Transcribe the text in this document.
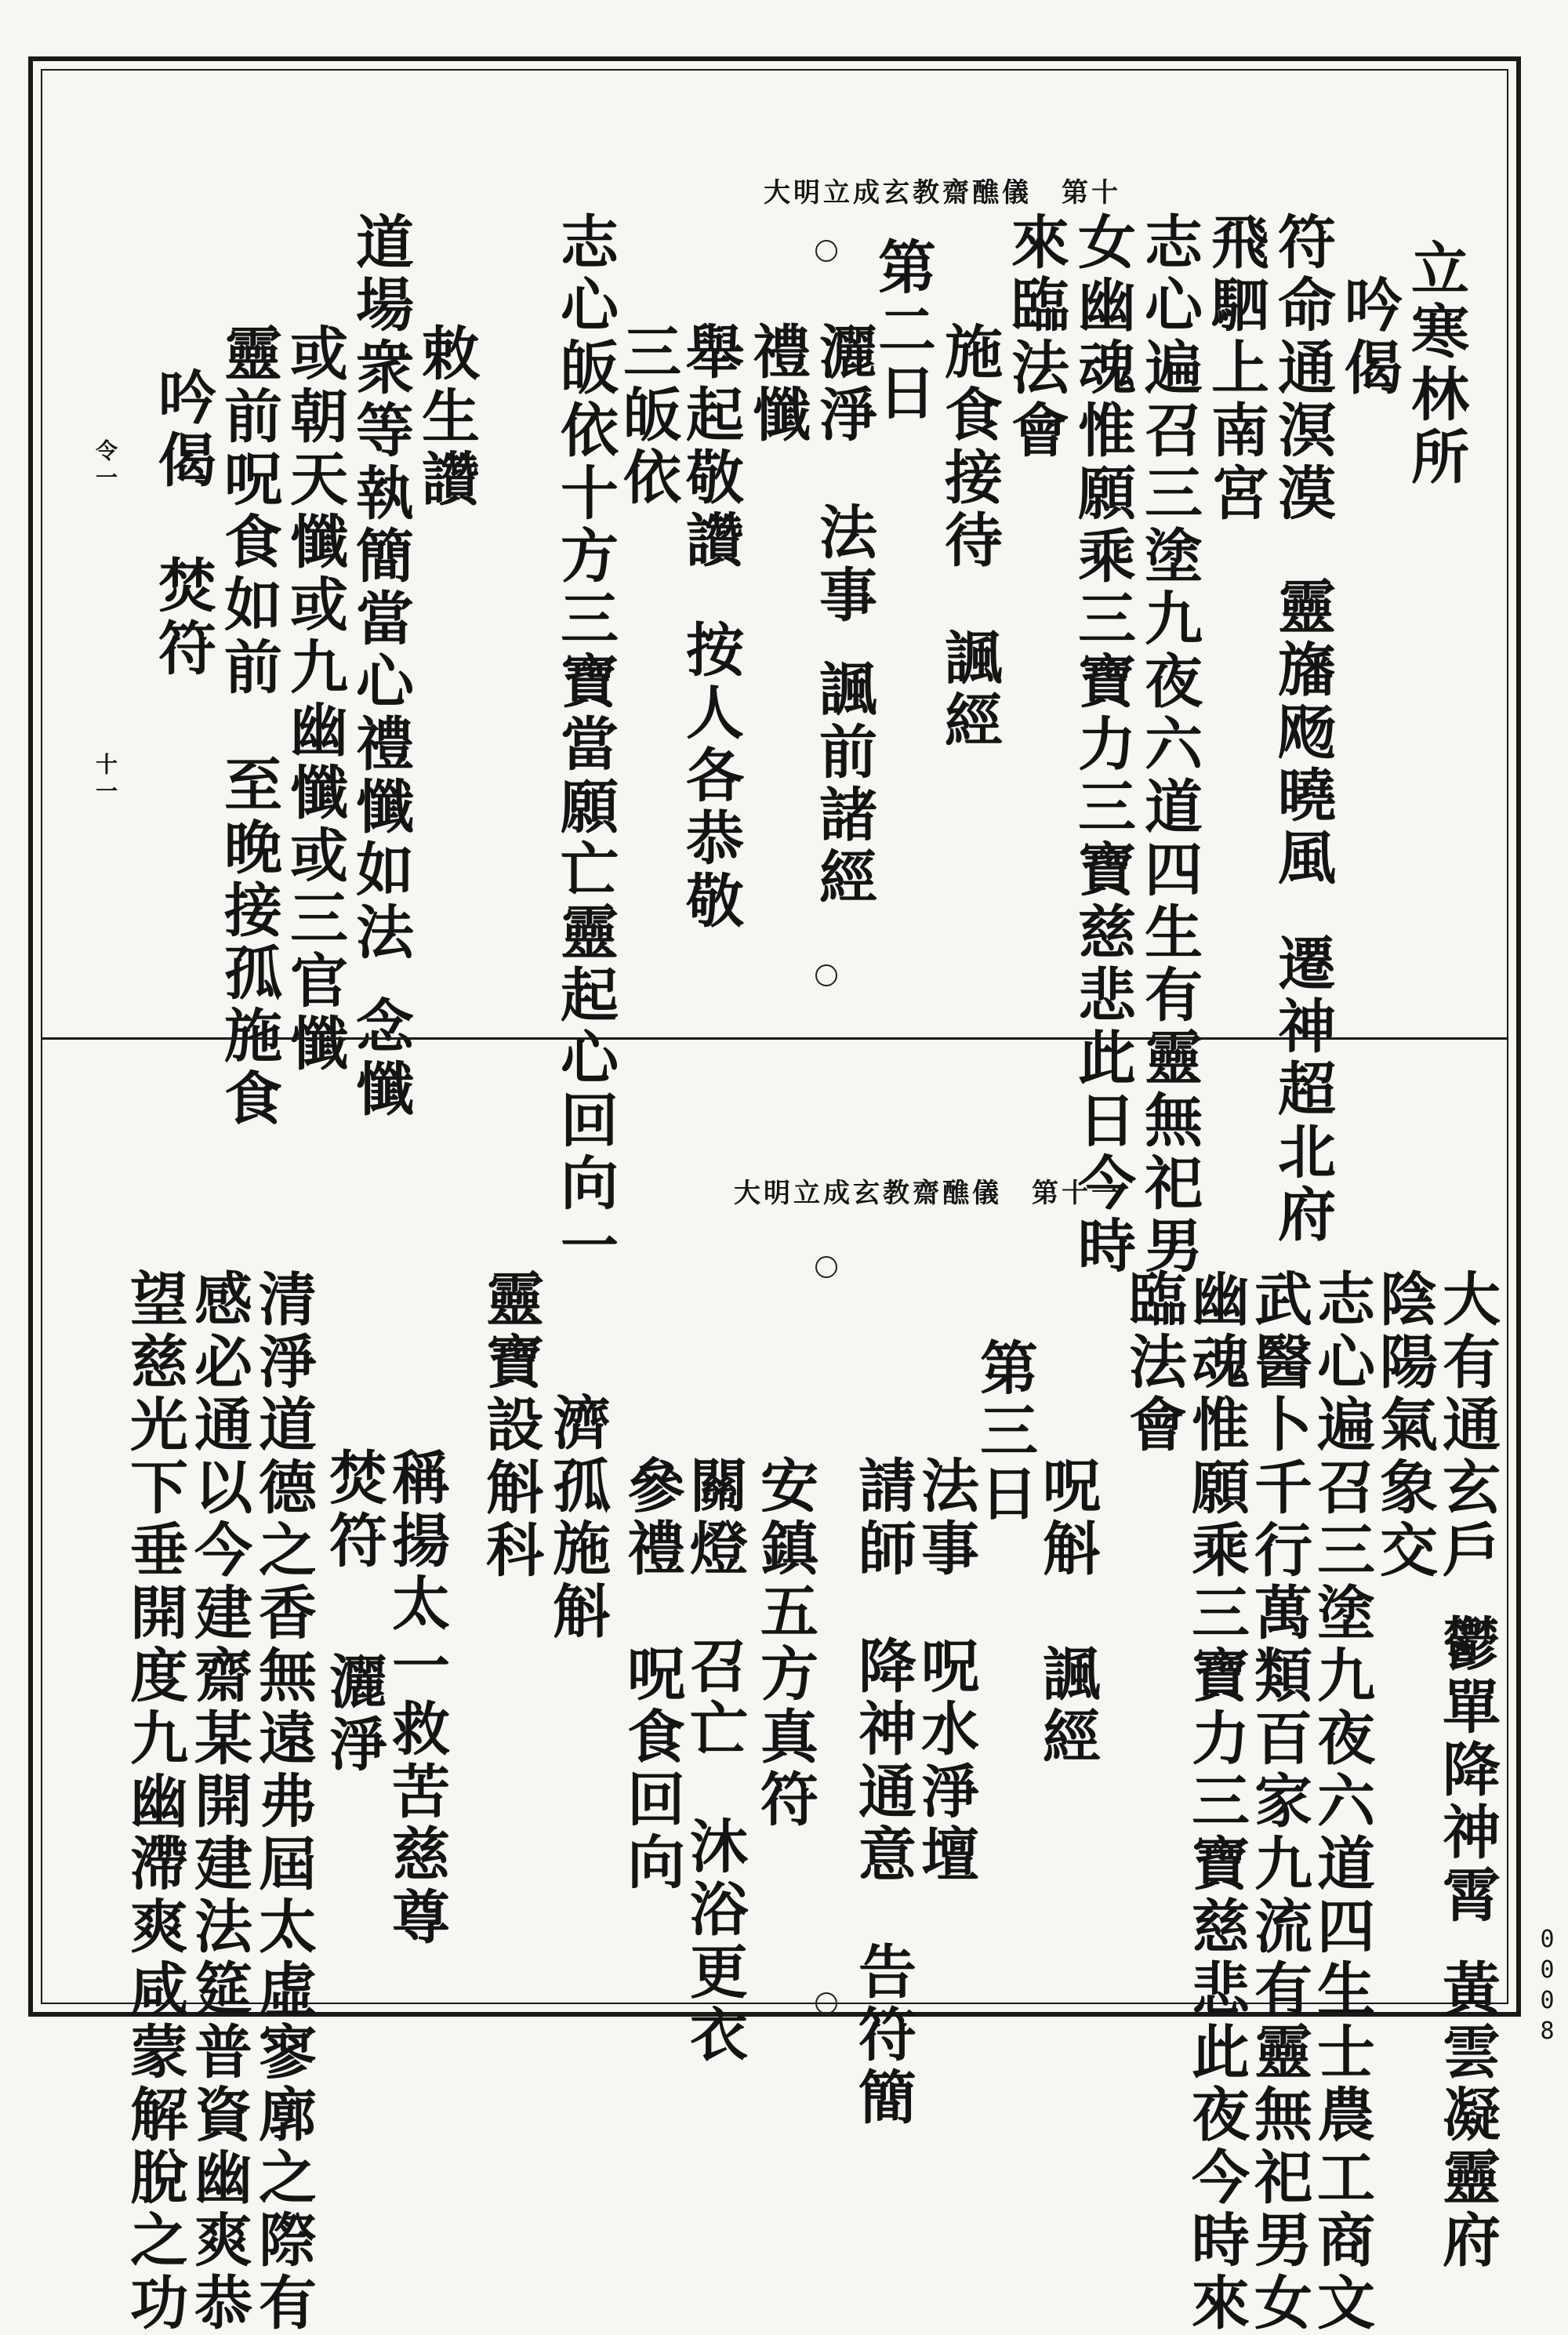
大明立成玄教齋醮儀　第十
立寒林所
吟偈
符命通溟漠
靈旛飏曉風
遷神超北府
飛駟上南宮
志心遍召三塗九夜六道四生有靈無祀男
女幽魂惟願乘三寶力三寶慈悲此日今時
來臨法會
施食接待
諷經
第二日
灑淨
法事
諷前諸經
禮懺
舉起敬讚
按人各恭敬
三皈依
志心皈依十方三寶當願亡靈起心回向一
敕生讚
道場衆等執簡當心禮懺如法
念懺
或朝天懺或九幽懺或三官懺
靈前呪食如前
至晚接孤施食
吟偈
焚符
令一
十一
大明立成玄教齋醮儀　第十一
大有通玄戶
鬱單降神霄
黃雲凝靈府
陰陽氣象交
志心遍召三塗九夜六道四生士農工商文
武醫卜千行萬類百家九流有靈無祀男女
幽魂惟願乘三寶力三寶慈悲此夜今時來
臨法會
呪斛
諷經
第三日
法事
呪水淨壇
請師
降神通意
告符簡
安鎮五方真符
關燈
召亡
沐浴更衣
參禮
呪食回向
濟孤施斛
靈寶設斛科
稱揚太一救苦慈尊
焚符
灑淨
清淨道德之香無遠弗屆太虛寥廓之際有
感必通以今建齋某開建法筵普資幽爽恭
望慈光下垂開度九幽滯爽咸蒙解脫之功	0008
